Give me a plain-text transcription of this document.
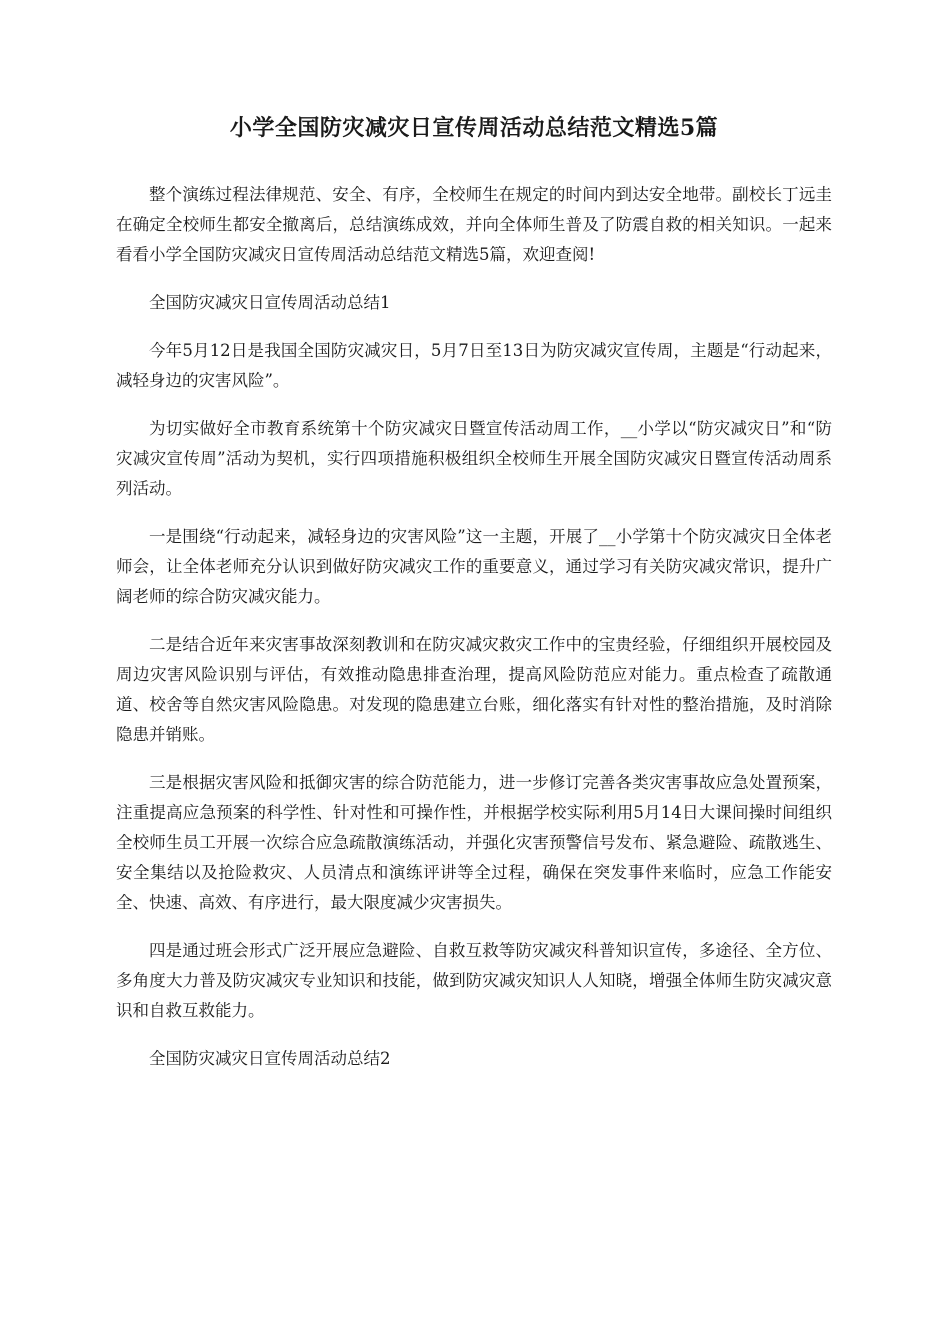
小学全国防灾减灾日宣传周活动总结范文精选5篇

整个演练过程法律规范、安全、有序，全校师生在规定的时间内到达安全地带。副校长丁远圭在确定全校师生都安全撤离后，总结演练成效，并向全体师生普及了防震自救的相关知识。一起来看看小学全国防灾减灾日宣传周活动总结范文精选5篇，欢迎查阅!

全国防灾减灾日宣传周活动总结1

今年5月12日是我国全国防灾减灾日，5月7日至13日为防灾减灾宣传周，主题是“行动起来，减轻身边的灾害风险”。

为切实做好全市教育系统第十个防灾减灾日暨宣传活动周工作，__小学以“防灾减灾日”和“防灾减灾宣传周”活动为契机，实行四项措施积极组织全校师生开展全国防灾减灾日暨宣传活动周系列活动。

一是围绕“行动起来，减轻身边的灾害风险”这一主题，开展了__小学第十个防灾减灾日全体老师会，让全体老师充分认识到做好防灾减灾工作的重要意义，通过学习有关防灾减灾常识，提升广阔老师的综合防灾减灾能力。

二是结合近年来灾害事故深刻教训和在防灾减灾救灾工作中的宝贵经验，仔细组织开展校园及周边灾害风险识别与评估，有效推动隐患排查治理，提高风险防范应对能力。重点检查了疏散通道、校舍等自然灾害风险隐患。对发现的隐患建立台账，细化落实有针对性的整治措施，及时消除隐患并销账。

三是根据灾害风险和抵御灾害的综合防范能力，进一步修订完善各类灾害事故应急处置预案，注重提高应急预案的科学性、针对性和可操作性，并根据学校实际利用5月14日大课间操时间组织全校师生员工开展一次综合应急疏散演练活动，并强化灾害预警信号发布、紧急避险、疏散逃生、安全集结以及抢险救灾、人员清点和演练评讲等全过程，确保在突发事件来临时，应急工作能安全、快速、高效、有序进行，最大限度减少灾害损失。

四是通过班会形式广泛开展应急避险、自救互救等防灾减灾科普知识宣传，多途径、全方位、多角度大力普及防灾减灾专业知识和技能，做到防灾减灾知识人人知晓，增强全体师生防灾减灾意识和自救互救能力。

全国防灾减灾日宣传周活动总结2
